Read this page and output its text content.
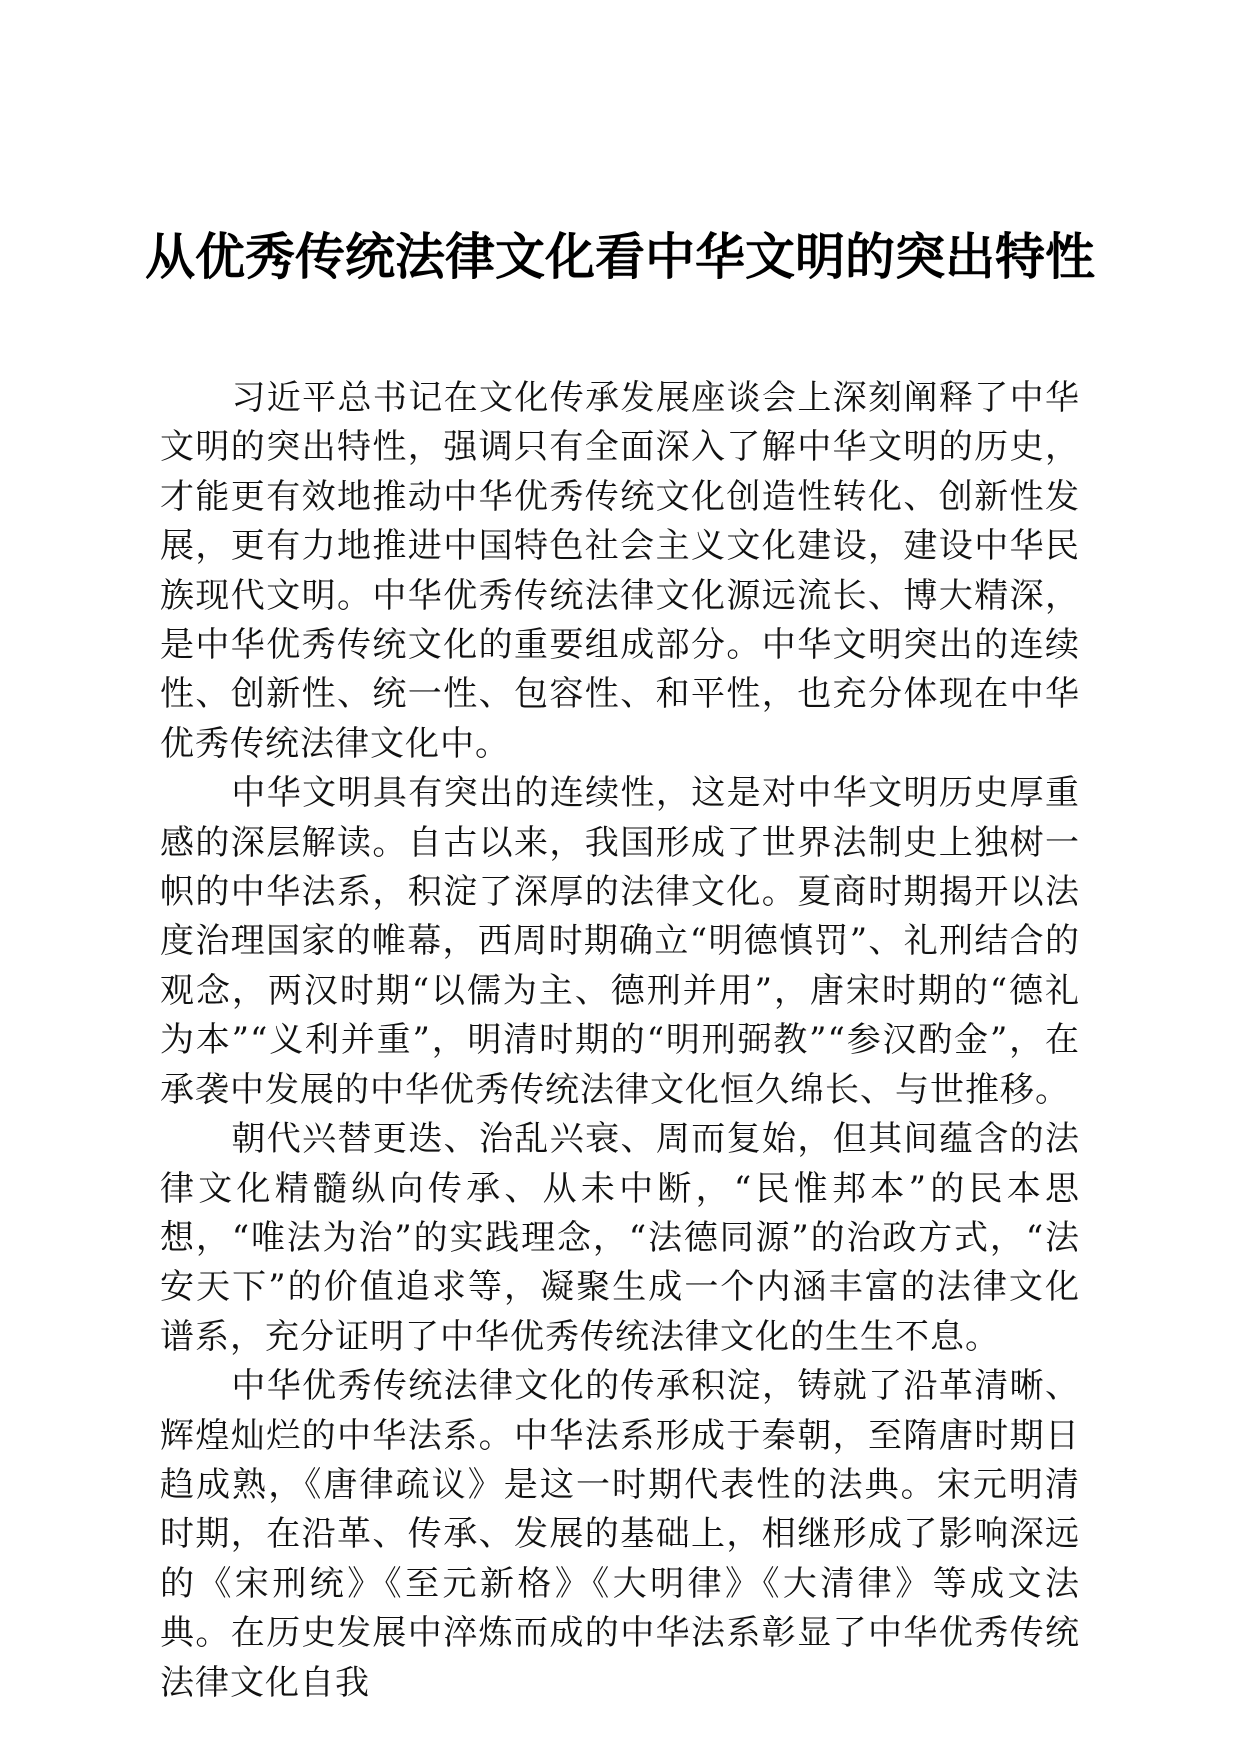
从优秀传统法律文化看中华文明的突出特性

习近平总书记在文化传承发展座谈会上深刻阐释了中华文明的突出特性，强调只有全面深入了解中华文明的历史，才能更有效地推动中华优秀传统文化创造性转化、创新性发展，更有力地推进中国特色社会主义文化建设，建设中华民族现代文明。中华优秀传统法律文化源远流长、博大精深，是中华优秀传统文化的重要组成部分。中华文明突出的连续性、创新性、统一性、包容性、和平性，也充分体现在中华优秀传统法律文化中。

中华文明具有突出的连续性，这是对中华文明历史厚重感的深层解读。自古以来，我国形成了世界法制史上独树一帜的中华法系，积淀了深厚的法律文化。夏商时期揭开以法度治理国家的帷幕，西周时期确立“明德慎罚”、礼刑结合的观念，两汉时期“以儒为主、德刑并用”，唐宋时期的“德礼为本”“义利并重”，明清时期的“明刑弼教”“参汉酌金”，在承袭中发展的中华优秀传统法律文化恒久绵长、与世推移。

朝代兴替更迭、治乱兴衰、周而复始，但其间蕴含的法律文化精髓纵向传承、从未中断，“民惟邦本”的民本思想，“唯法为治”的实践理念，“法德同源”的治政方式，“法安天下”的价值追求等，凝聚生成一个内涵丰富的法律文化谱系，充分证明了中华优秀传统法律文化的生生不息。

中华优秀传统法律文化的传承积淀，铸就了沿革清晰、辉煌灿烂的中华法系。中华法系形成于秦朝，至隋唐时期日趋成熟，《唐律疏议》是这一时期代表性的法典。宋元明清时期，在沿革、传承、发展的基础上，相继形成了影响深远的《宋刑统》《至元新格》《大明律》《大清律》等成文法典。在历史发展中淬炼而成的中华法系彰显了中华优秀传统法律文化自我
